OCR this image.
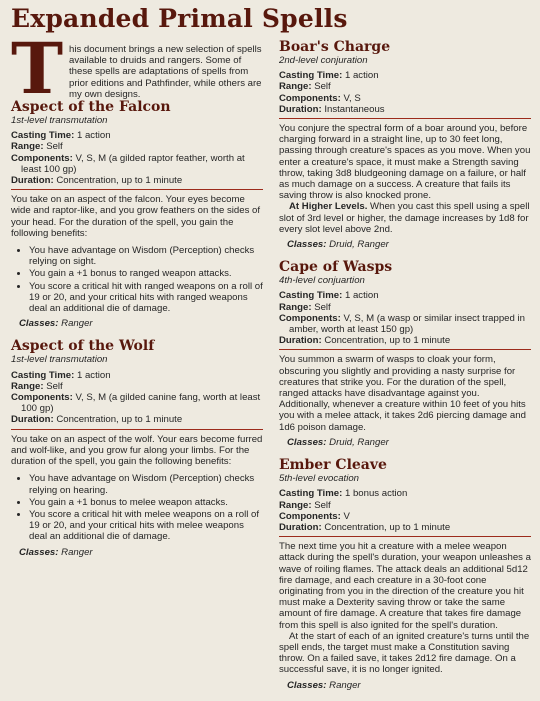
Expanded Primal Spells
T his document brings a new selection of spells available to druids and rangers. Some of these spells are adaptations of spells from prior editions and Pathfinder, while others are my own designs.

Aspect of the Falcon
1st-level transmutation
Casting Time: 1 action
Range: Self
Components: V, S, M (a gilded raptor feather, worth at least 100 gp)
Duration: Concentration, up to 1 minute

You take on an aspect of the falcon. Your eyes become wide and raptor-like, and you grow feathers on the sides of your head. For the duration of the spell, you gain the following benefits:

• You have advantage on Wisdom (Perception) checks relying on sight.
• You gain a +1 bonus to ranged weapon attacks.
• You score a critical hit with ranged weapons on a roll of 19 or 20, and your critical hits with ranged weapons deal an additional die of damage.
Classes: Ranger
Aspect of the Wolf
1st-level transmutation
Casting Time: 1 action
Range: Self
Components: V, S, M (a gilded canine fang, worth at least 100 gp)
Duration: Concentration, up to 1 minute

You take on an aspect of the wolf. Your ears become furred and wolf-like, and you grow fur along your limbs. For the duration of the spell, you gain the following benefits:

• You have advantage on Wisdom (Perception) checks relying on hearing.
• You gain a +1 bonus to melee weapon attacks.
• You score a critical hit with melee weapons on a roll of 19 or 20, and your critical hits with melee weapons deal an additional die of damage.
Classes: Ranger
Boar's Charge
2nd-level conjuration
Casting Time: 1 action
Range: Self
Components: V, S
Duration: Instantaneous

You conjure the spectral form of a boar around you, before charging forward in a straight line, up to 30 feet long, passing through creature's spaces as you move. When you enter a creature's space, it must make a Strength saving throw, taking 3d8 bludgeoning damage on a failure, or half as much damage on a success. A creature that fails its saving throw is also knocked prone.

At Higher Levels. When you cast this spell using a spell slot of 3rd level or higher, the damage increases by 1d8 for every slot level above 2nd.

Classes: Druid, Ranger
Cape of Wasps
4th-level conjuartion
Casting Time: 1 action
Range: Self
Components: V, S, M (a wasp or similar insect trapped in amber, worth at least 150 gp)
Duration: Concentration, up to 1 minute

You summon a swarm of wasps to cloak your form, obscuring you slightly and providing a nasty surprise for creatures that strike you. For the duration of the spell, ranged attacks have disadvantage against you. Additionally, whenever a creature within 10 feet of you hits you with a melee attack, it takes 2d6 piercing damage and 1d6 poison damage.

Classes: Druid, Ranger
Ember Cleave
5th-level evocation
Casting Time: 1 bonus action
Range: Self
Components: V
Duration: Concentration, up to 1 minute

The next time you hit a creature with a melee weapon attack during the spell's duration, your weapon unleashes a wave of roiling flames. The attack deals an additional 5d12 fire damage, and each creature in a 30-foot cone originating from you in the direction of the creature you hit must make a Dexterity saving throw or take the same amount of fire damage. A creature that takes fire damage from this spell is also ignited for the spell's duration.

At the start of each of an ignited creature's turns until the spell ends, the target must make a Constitution saving throw. On a failed save, it takes 2d12 fire damage. On a successful save, it is no longer ignited.

Classes: Ranger
